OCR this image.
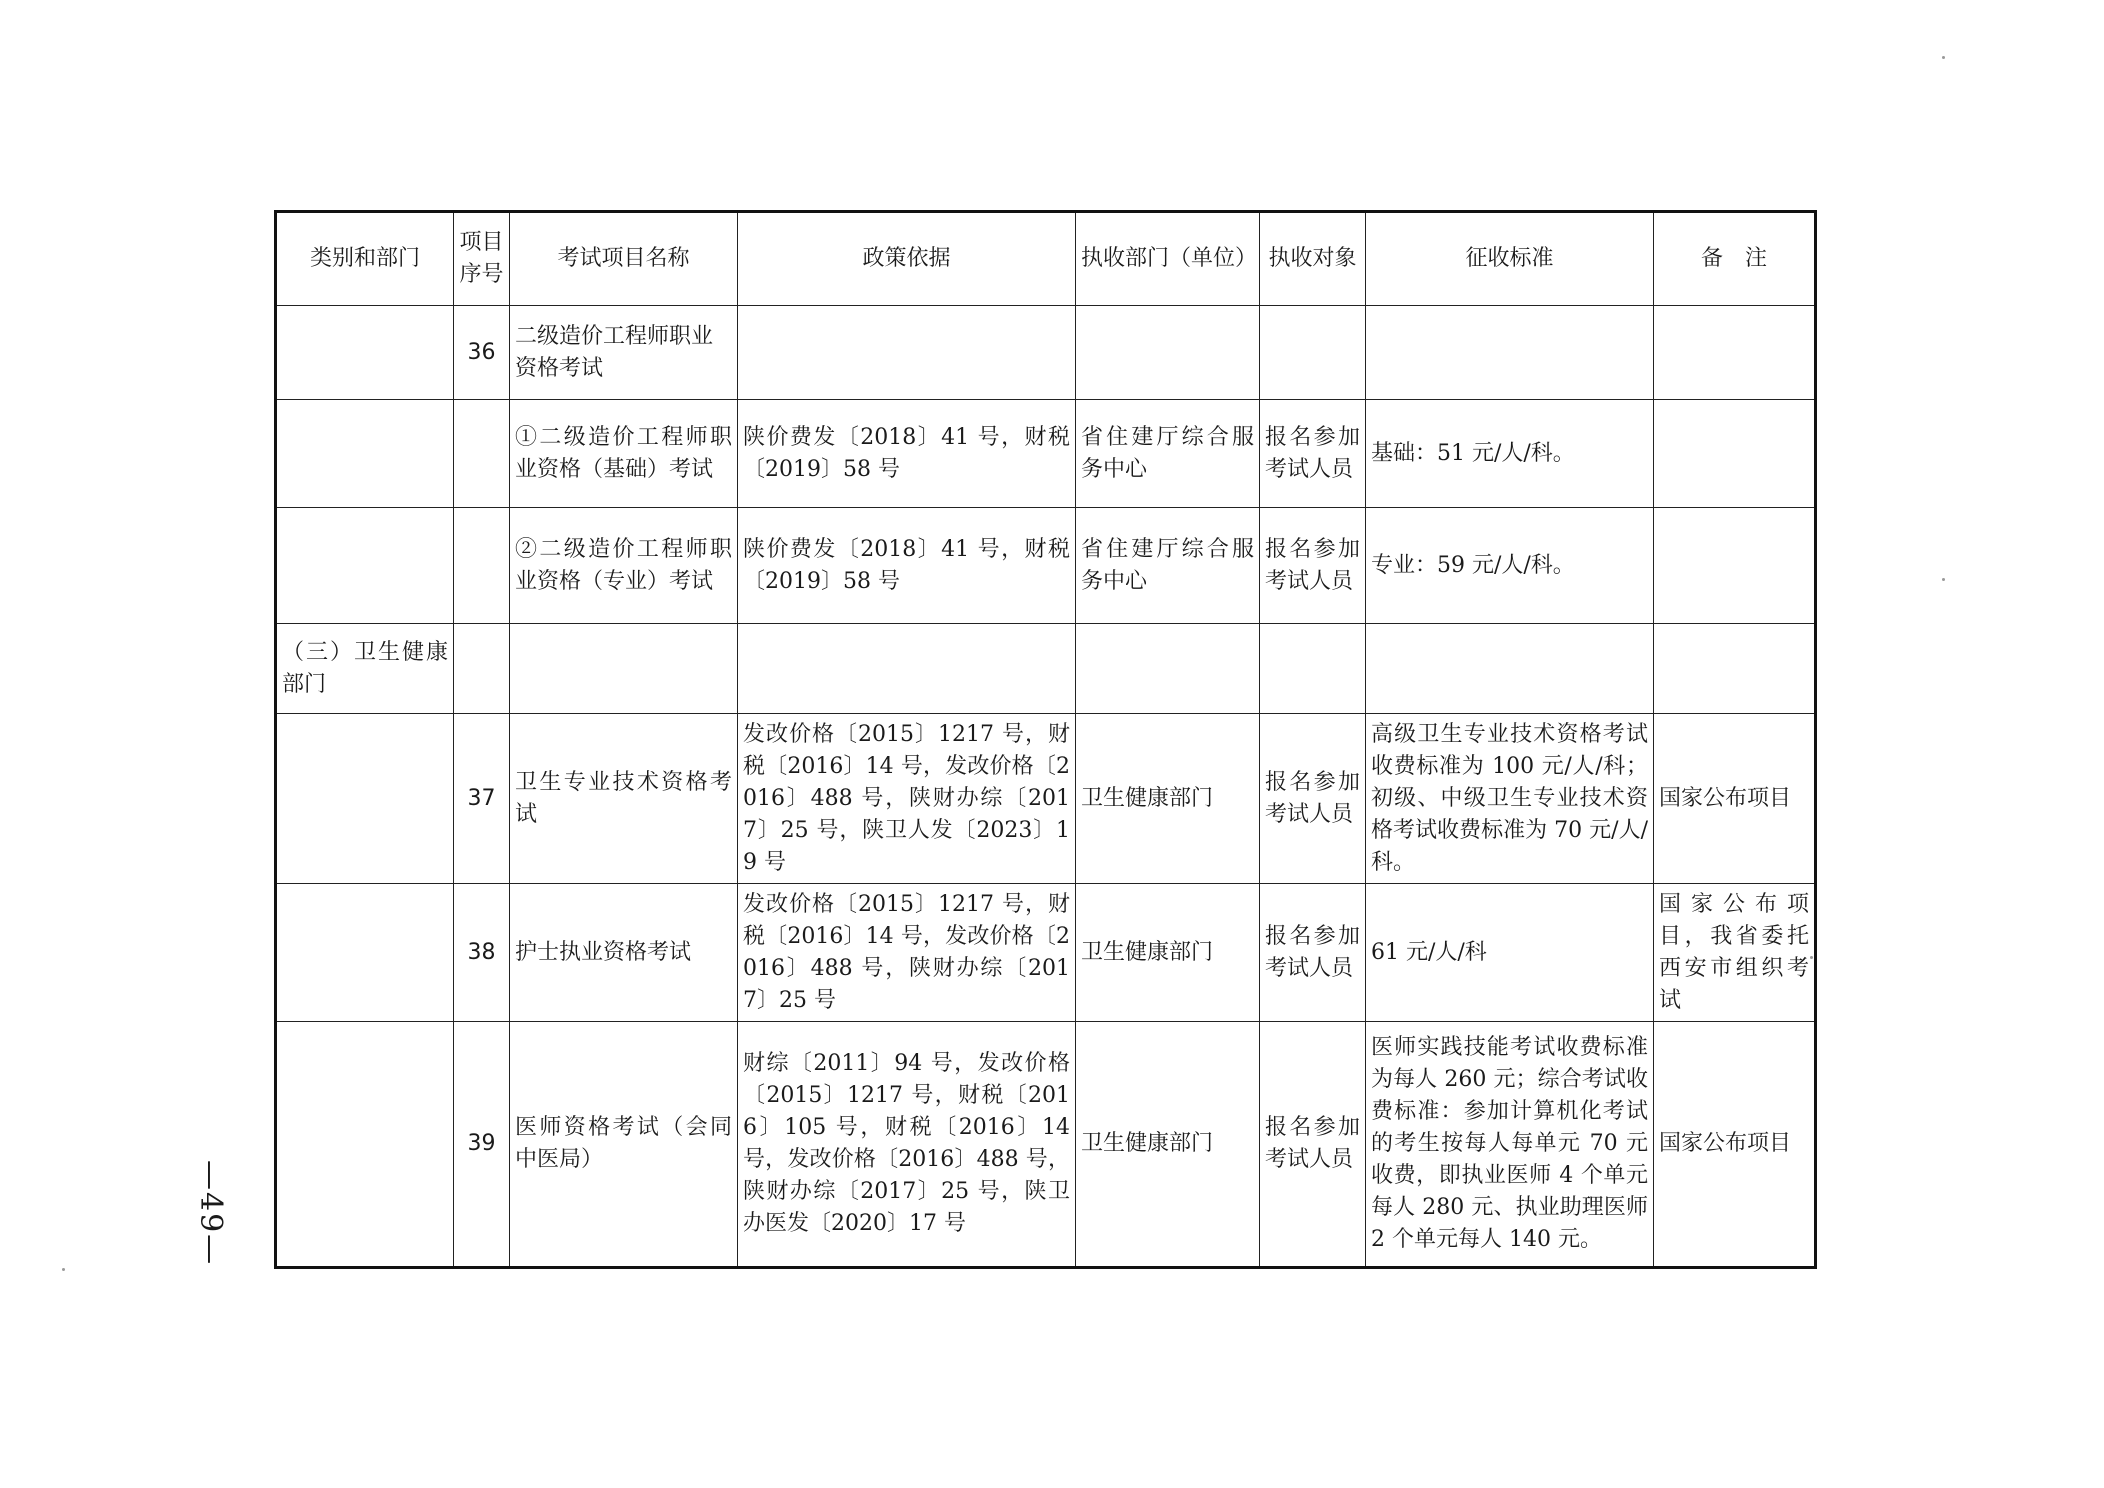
类别和部门	项目序号	考试项目名称	政策依据	执收部门（单位）	执收对象	征收标准	备　注
	36	二级造价工程师职业资格考试					
		①二级造价工程师职业资格（基础）考试	陕价费发〔2018〕41 号，财税〔2019〕58 号	省住建厅综合服务中心	报名参加考试人员	基础：51 元/人/科。	
		②二级造价工程师职业资格（专业）考试	陕价费发〔2018〕41 号，财税〔2019〕58 号	省住建厅综合服务中心	报名参加考试人员	专业：59 元/人/科。	
（三）卫生健康部门							
	37	卫生专业技术资格考试	发改价格〔2015〕1217 号，财税〔2016〕14 号，发改价格〔2016〕488 号，陕财办综〔2017〕25 号，陕卫人发〔2023〕19 号	卫生健康部门	报名参加考试人员	高级卫生专业技术资格考试收费标准为 100 元/人/科；初级、中级卫生专业技术资格考试收费标准为 70 元/人/科。	国家公布项目
	38	护士执业资格考试	发改价格〔2015〕1217 号，财税〔2016〕14 号，发改价格〔2016〕488 号，陕财办综〔2017〕25 号	卫生健康部门	报名参加考试人员	61 元/人/科	国家公布项目，我省委托西安市组织考试
	39	医师资格考试（会同中医局）	财综〔2011〕94 号，发改价格〔2015〕1217 号，财税〔2016〕105 号，财税〔2016〕14 号，发改价格〔2016〕488 号，陕财办综〔2017〕25 号，陕卫办医发〔2020〕17 号	卫生健康部门	报名参加考试人员	医师实践技能考试收费标准为每人 260 元；综合考试收费标准：参加计算机化考试的考生按每人每单元 70 元收费，即执业医师 4 个单元每人 280 元、执业助理医师 2 个单元每人 140 元。	国家公布项目
—49—
